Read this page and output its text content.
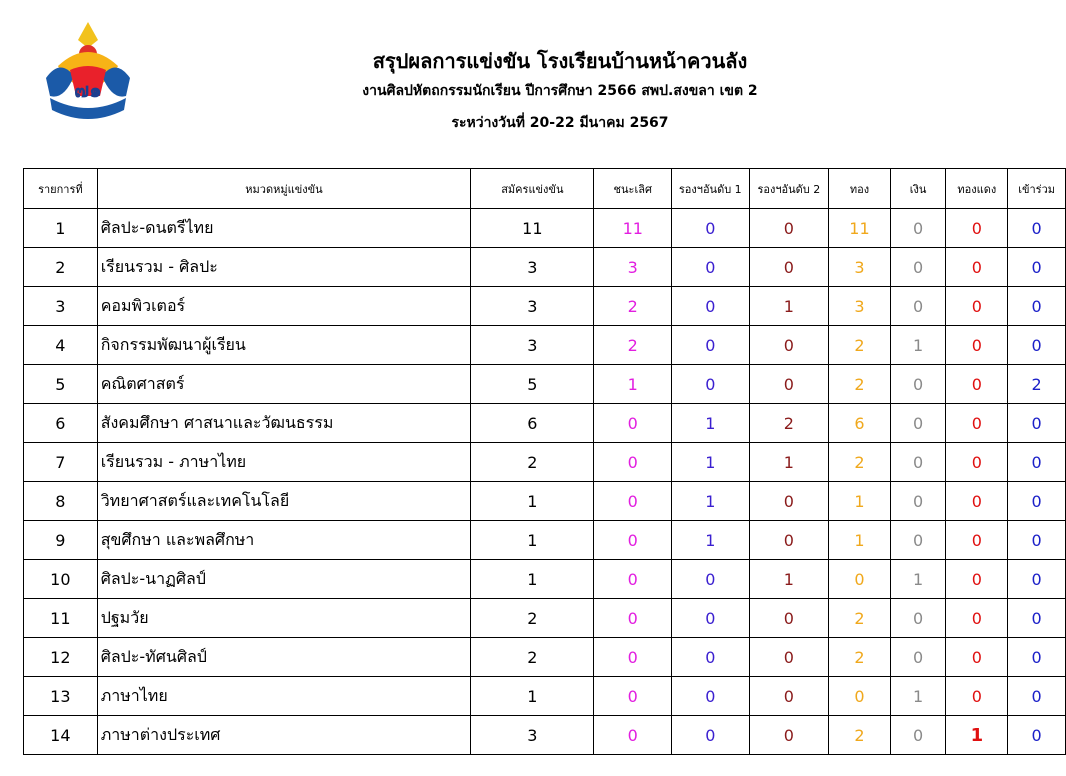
๗๑
สรุปผลการแข่งขัน โรงเรียนบ้านหน้าควนลัง
งานศิลปหัตถกรรมนักเรียน ปีการศึกษา 2566 สพป.สงขลา เขต 2
ระหว่างวันที่ 20-22 มีนาคม 2567
รายการที่	หมวดหมู่แข่งขัน	สมัครแข่งขัน	ชนะเลิศ	รองฯอันดับ 1	รองฯอันดับ 2	ทอง	เงิน	ทองแดง	เข้าร่วม
1	ศิลปะ-ดนตรีไทย	11	11	0	0	11	0	0	0
2	เรียนรวม - ศิลปะ	3	3	0	0	3	0	0	0
3	คอมพิวเตอร์	3	2	0	1	3	0	0	0
4	กิจกรรมพัฒนาผู้เรียน	3	2	0	0	2	1	0	0
5	คณิตศาสตร์	5	1	0	0	2	0	0	2
6	สังคมศึกษา ศาสนาและวัฒนธรรม	6	0	1	2	6	0	0	0
7	เรียนรวม - ภาษาไทย	2	0	1	1	2	0	0	0
8	วิทยาศาสตร์และเทคโนโลยี	1	0	1	0	1	0	0	0
9	สุขศึกษา และพลศึกษา	1	0	1	0	1	0	0	0
10	ศิลปะ-นาฏศิลป์	1	0	0	1	0	1	0	0
11	ปฐมวัย	2	0	0	0	2	0	0	0
12	ศิลปะ-ทัศนศิลป์	2	0	0	0	2	0	0	0
13	ภาษาไทย	1	0	0	0	0	1	0	0
14	ภาษาต่างประเทศ	3	0	0	0	2	0	1	0
